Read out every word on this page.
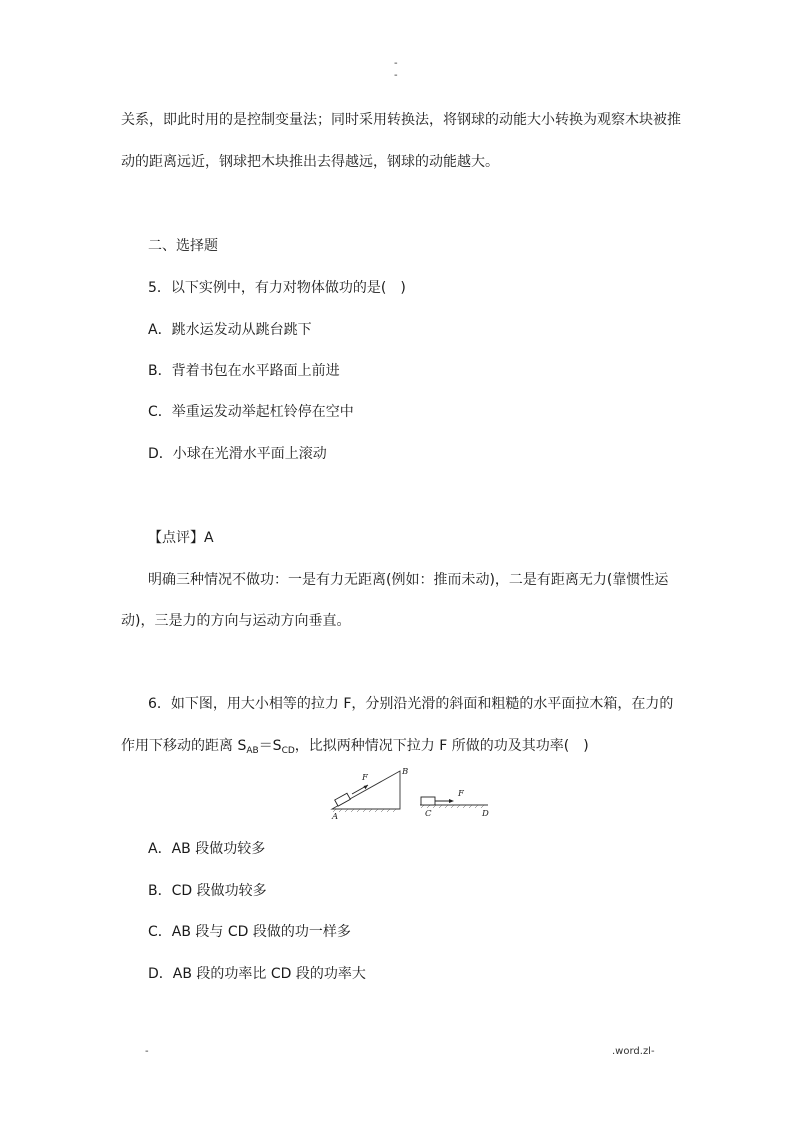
-
-
关系，即此时用的是控制变量法；同时采用转换法，将钢球的动能大小转换为观察木块被推
动的距离远近，钢球把木块推出去得越远，钢球的动能越大。
二、选择题
5．以下实例中，有力对物体做功的是(　)
A．跳水运发动从跳台跳下
B．背着书包在水平路面上前进
C．举重运发动举起杠铃停在空中
D．小球在光滑水平面上滚动
【点评】A
明确三种情况不做功：一是有力无距离(例如：推而未动)，二是有距离无力(靠惯性运
动)，三是力的方向与运动方向垂直。
6．如下图，用大小相等的拉力 F，分别沿光滑的斜面和粗糙的水平面拉木箱，在力的
作用下移动的距离 $S_{AB}=S_{CD}$，比拟两种情况下拉力 F 所做的功及其功率(　)
F
A
B
F
C	D
A．AB 段做功较多
B．CD 段做功较多
C．AB 段与 CD 段做的功一样多
D．AB 段的功率比 CD 段的功率大
-	.word.zl-
